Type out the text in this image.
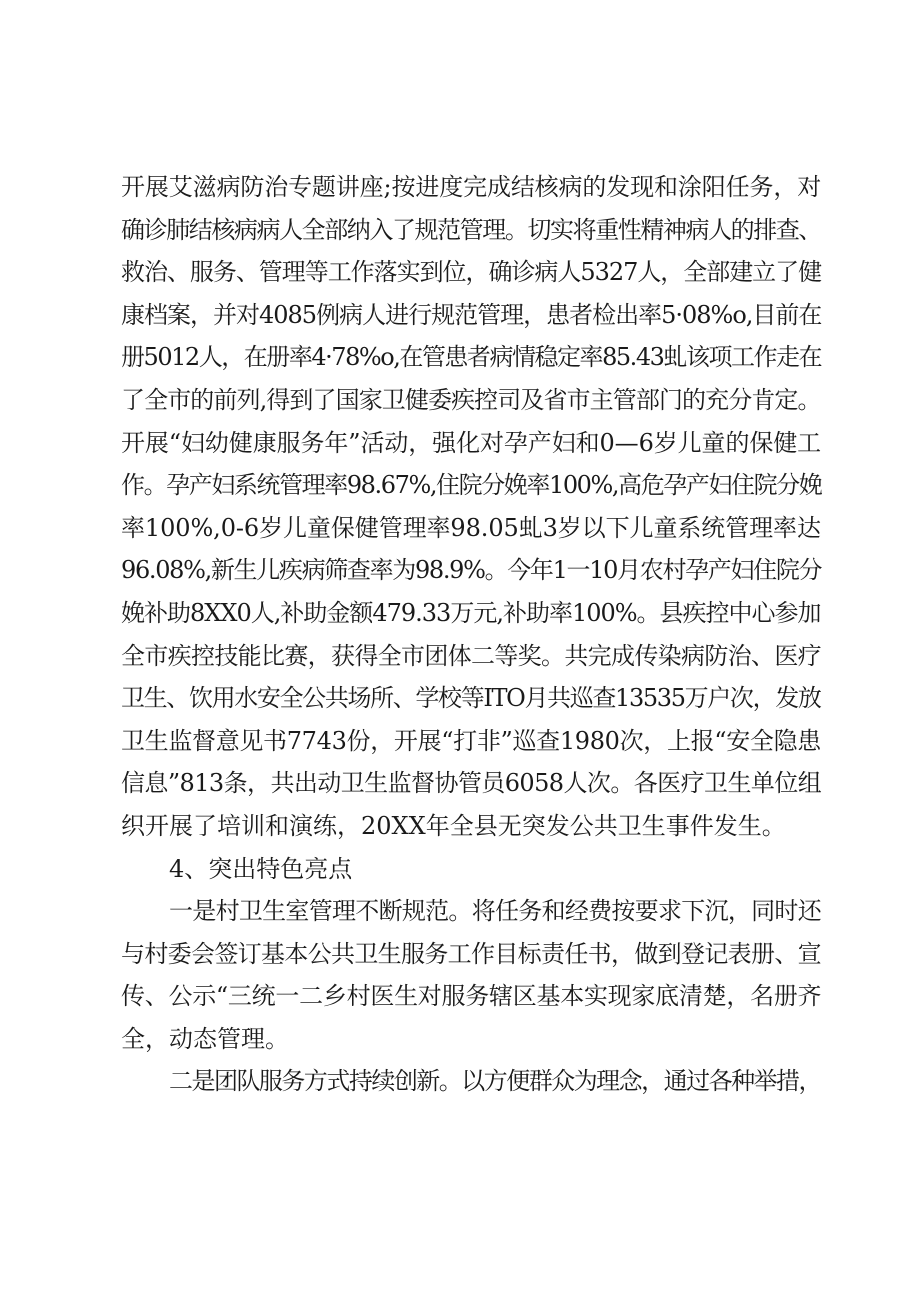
开展艾滋病防治专题讲座;按进度完成结核病的发现和涂阳任务，对
确诊肺结核病病人全部纳入了规范管理。切实将重性精神病人的排查、
救治、服务、管理等工作落实到位，确诊病人5327人，全部建立了健
康档案，并对4085例病人进行规范管理，患者检出率5·08%o,目前在
册5012人，在册率4·78%o,在管患者病情稳定率85.43虬该项工作走在
了全市的前列,得到了国家卫健委疾控司及省市主管部门的充分肯定。
开展“妇幼健康服务年”活动，强化对孕产妇和0—6岁儿童的保健工
作。孕产妇系统管理率98.67%,住院分娩率100%,高危孕产妇住院分娩
率100%,0-6岁儿童保健管理率98.05虬3岁以下儿童系统管理率达
96.08%,新生儿疾病筛查率为98.9%。今年1一10月农村孕产妇住院分
娩补助8XX0人,补助金额479.33万元,补助率100%。县疾控中心参加
全市疾控技能比赛，获得全市团体二等奖。共完成传染病防治、医疗
卫生、饮用水安全公共场所、学校等ITO月共巡查13535万户次，发放
卫生监督意见书7743份，开展“打非”巡查1980次，上报“安全隐患
信息”813条，共出动卫生监督协管员6058人次。各医疗卫生单位组
织开展了培训和演练，20XX年全县无突发公共卫生事件发生。
4、突出特色亮点
一是村卫生室管理不断规范。将任务和经费按要求下沉，同时还
与村委会签订基本公共卫生服务工作目标责任书，做到登记表册、宣
传、公示“三统一二乡村医生对服务辖区基本实现家底清楚，名册齐
全，动态管理。
二是团队服务方式持续创新。以方便群众为理念，通过各种举措，
